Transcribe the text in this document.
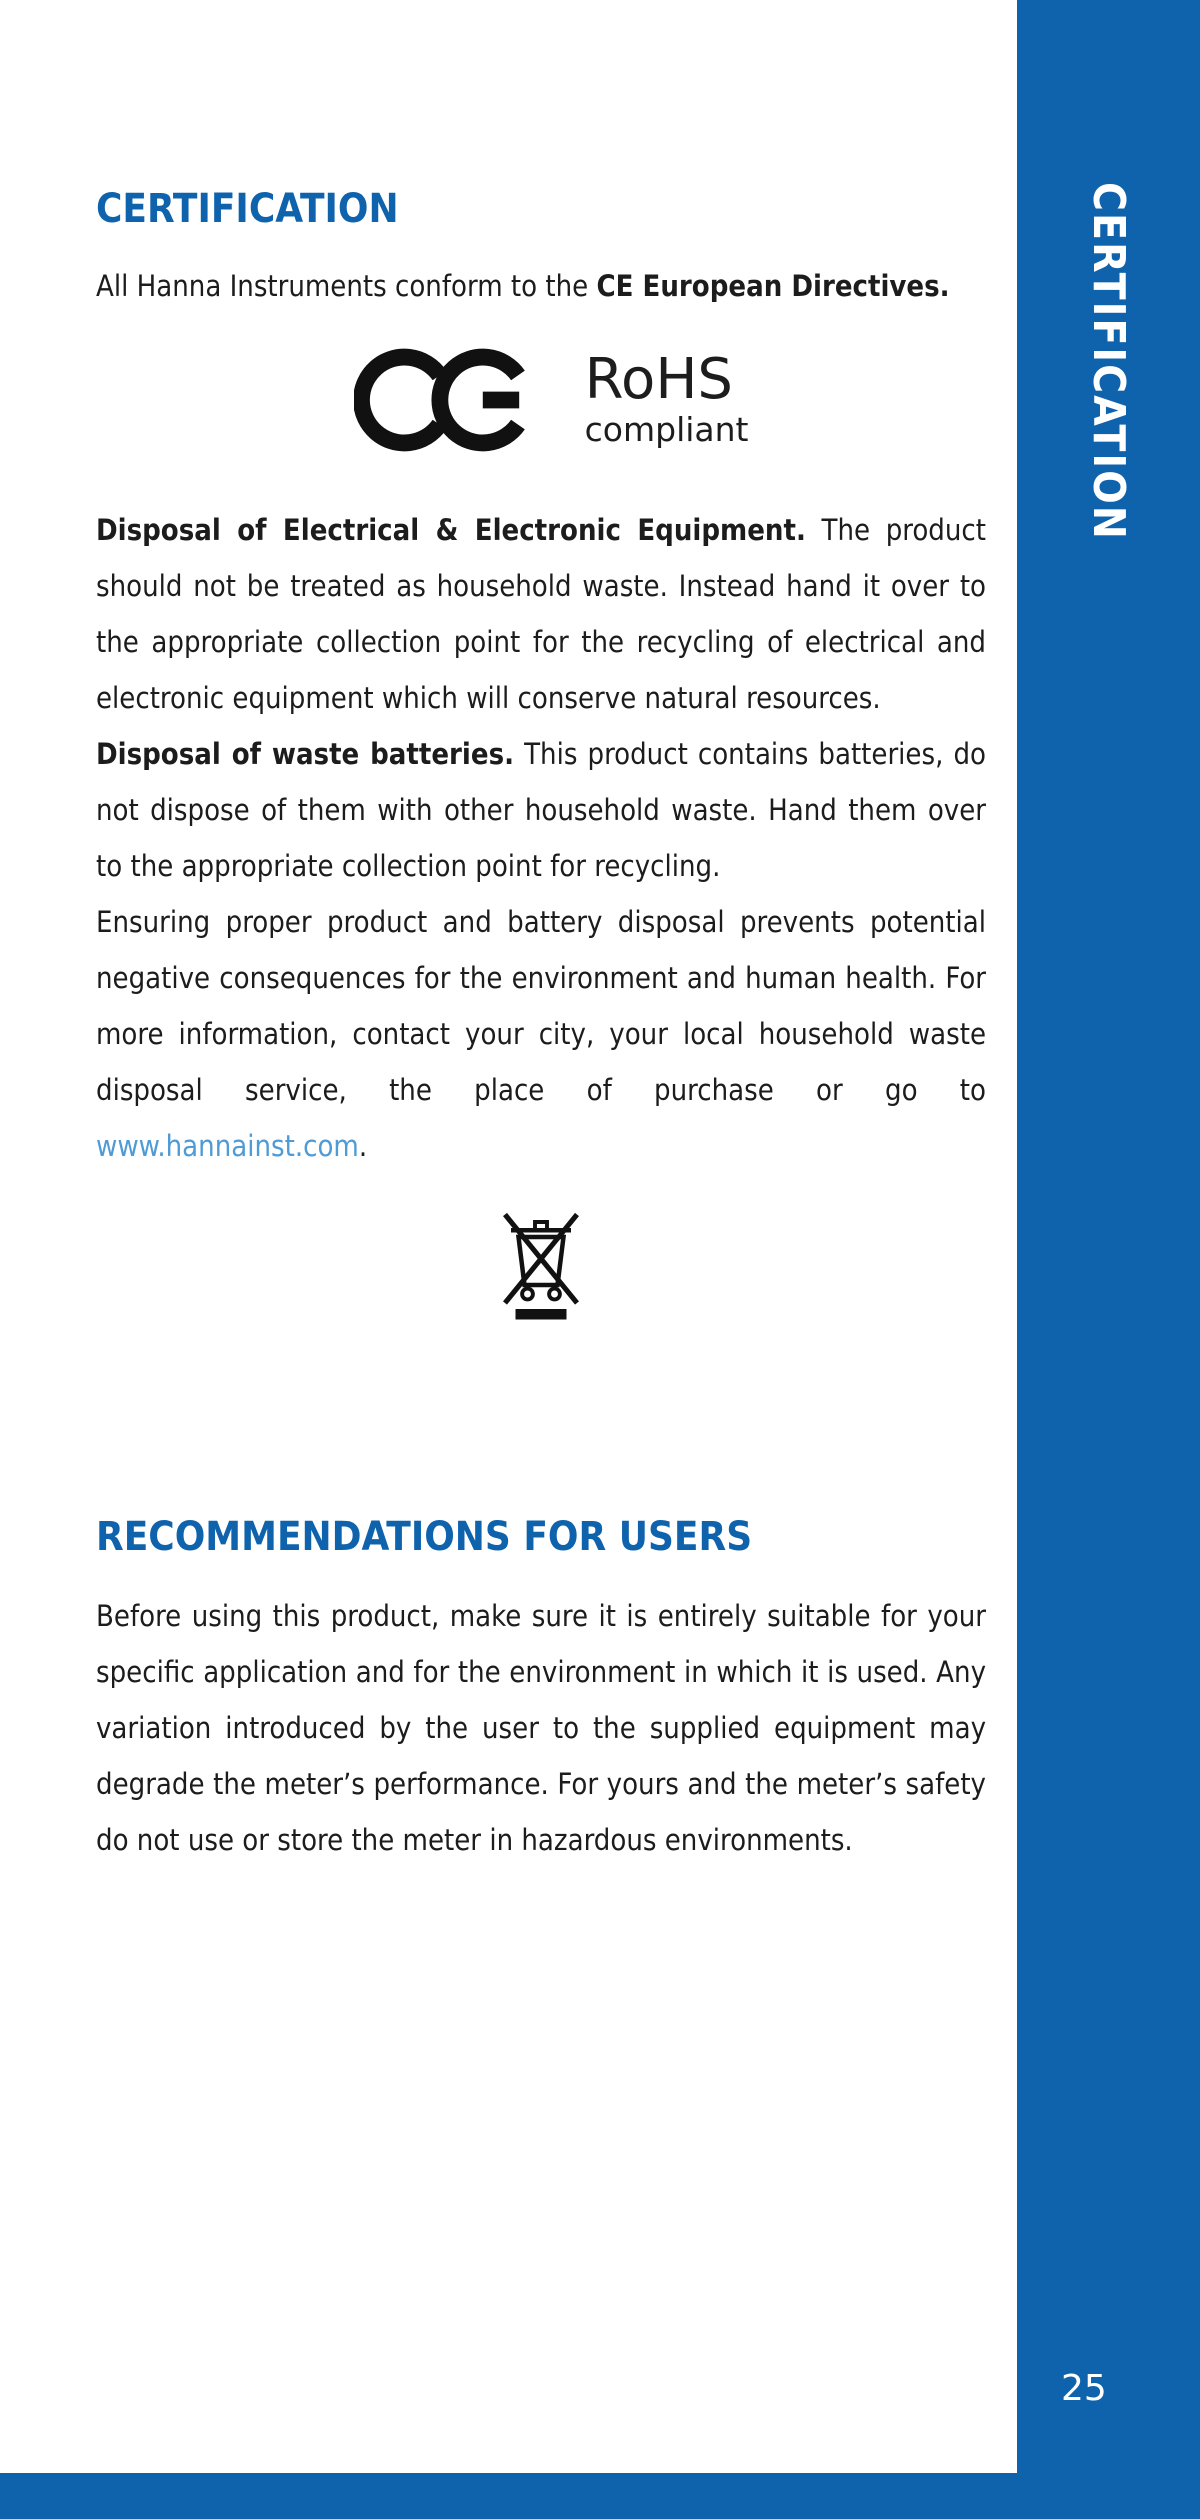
CERTIFICATION
25
CERTIFICATION

All Hanna Instruments conform to the CE European Directives.

RoHS
compliant

Disposal of Electrical & Electronic Equipment. The product should not be treated as household waste. Instead hand it over to the appropriate collection point for the recycling of electrical and electronic equipment which will conserve natural resources.

Disposal of waste batteries. This product contains batteries, do not dispose of them with other household waste. Hand them over to the appropriate collection point for recycling.

Ensuring proper product and battery disposal prevents potential negative consequences for the environment and human health. For more information, contact your city, your local household waste disposal service, the place of purchase or go to www.hannainst.com.

RECOMMENDATIONS FOR USERS

Before using this product, make sure it is entirely suitable for your specific application and for the environment in which it is used. Any variation introduced by the user to the supplied equipment may degrade the meter’s performance. For yours and the meter’s safety do not use or store the meter in hazardous environments.
